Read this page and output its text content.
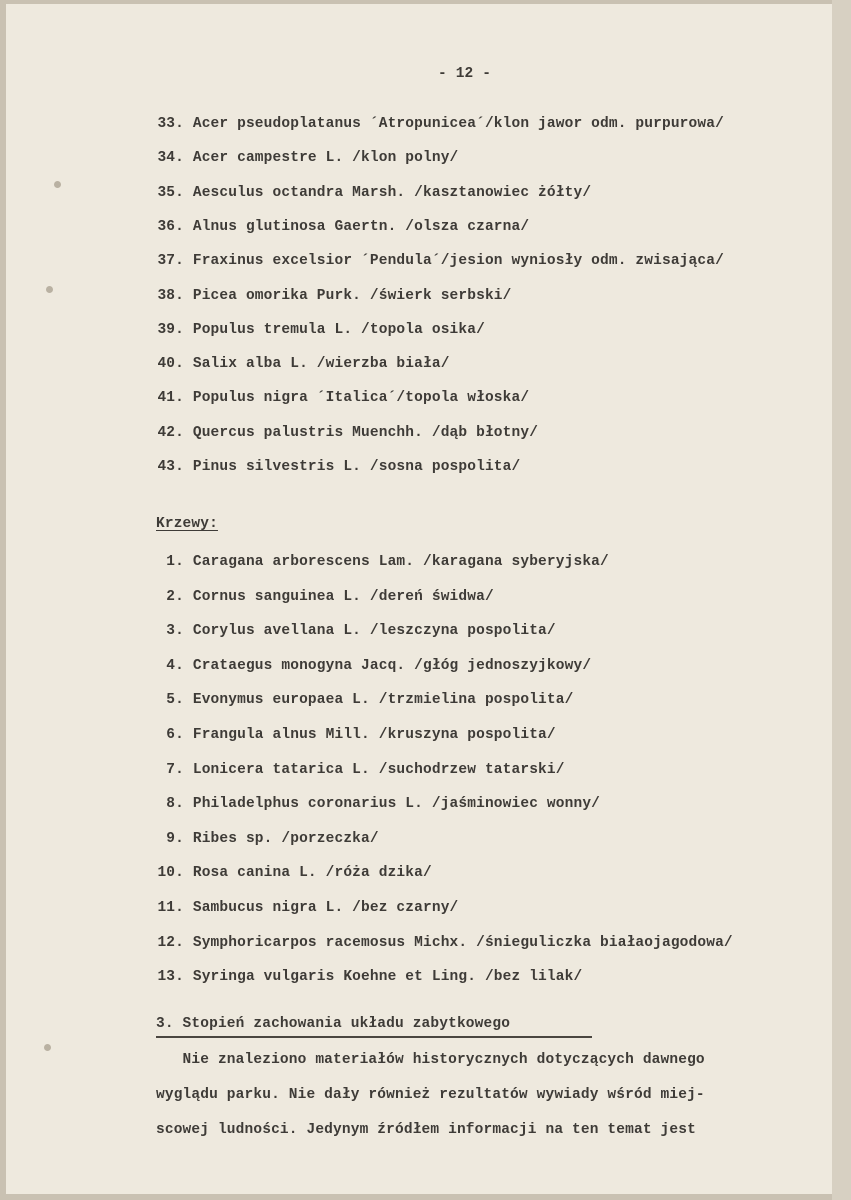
- 12 -
33. Acer pseudoplatanus ´Atropunicea´/klon jawor odm. purpurowa/
34. Acer campestre L. /klon polny/
35. Aesculus octandra Marsh. /kasztanowiec żółty/
36. Alnus glutinosa Gaertn. /olsza czarna/
37. Fraxinus excelsior ´Pendula´/jesion wyniosły odm. zwisająca/
38. Picea omorika Purk. /świerk serbski/
39. Populus tremula L. /topola osika/
40. Salix alba L. /wierzba biała/
41. Populus nigra ´Italica´/topola włoska/
42. Quercus palustris Muenchh. /dąb błotny/
43. Pinus silvestris L. /sosna pospolita/
Krzewy:
1. Caragana arborescens Lam. /karagana syberyjska/
2. Cornus sanguinea L. /dereń świdwa/
3. Corylus avellana L. /leszczyna pospolita/
4. Crataegus monogyna Jacq. /głóg jednoszyjkowy/
5. Evonymus europaea L. /trzmielina pospolita/
6. Frangula alnus Mill. /kruszyna pospolita/
7. Lonicera tatarica L. /suchodrzew tatarski/
8. Philadelphus coronarius L. /jaśminowiec wonny/
9. Ribes sp. /porzeczka/
10. Rosa canina L. /róża dzika/
11. Sambucus nigra L. /bez czarny/
12. Symphoricarpos racemosus Michx. /śnieguliczka białaojagodowa/
13. Syringa vulgaris Koehne et Ling. /bez lilak/
3. Stopień zachowania układu zabytkowego
Nie znaleziono materiałów historycznych dotyczących dawnego
wyglądu parku. Nie dały również rezultatów wywiady wśród miej-
scowej ludności. Jedynym źródłem informacji na ten temat jest
